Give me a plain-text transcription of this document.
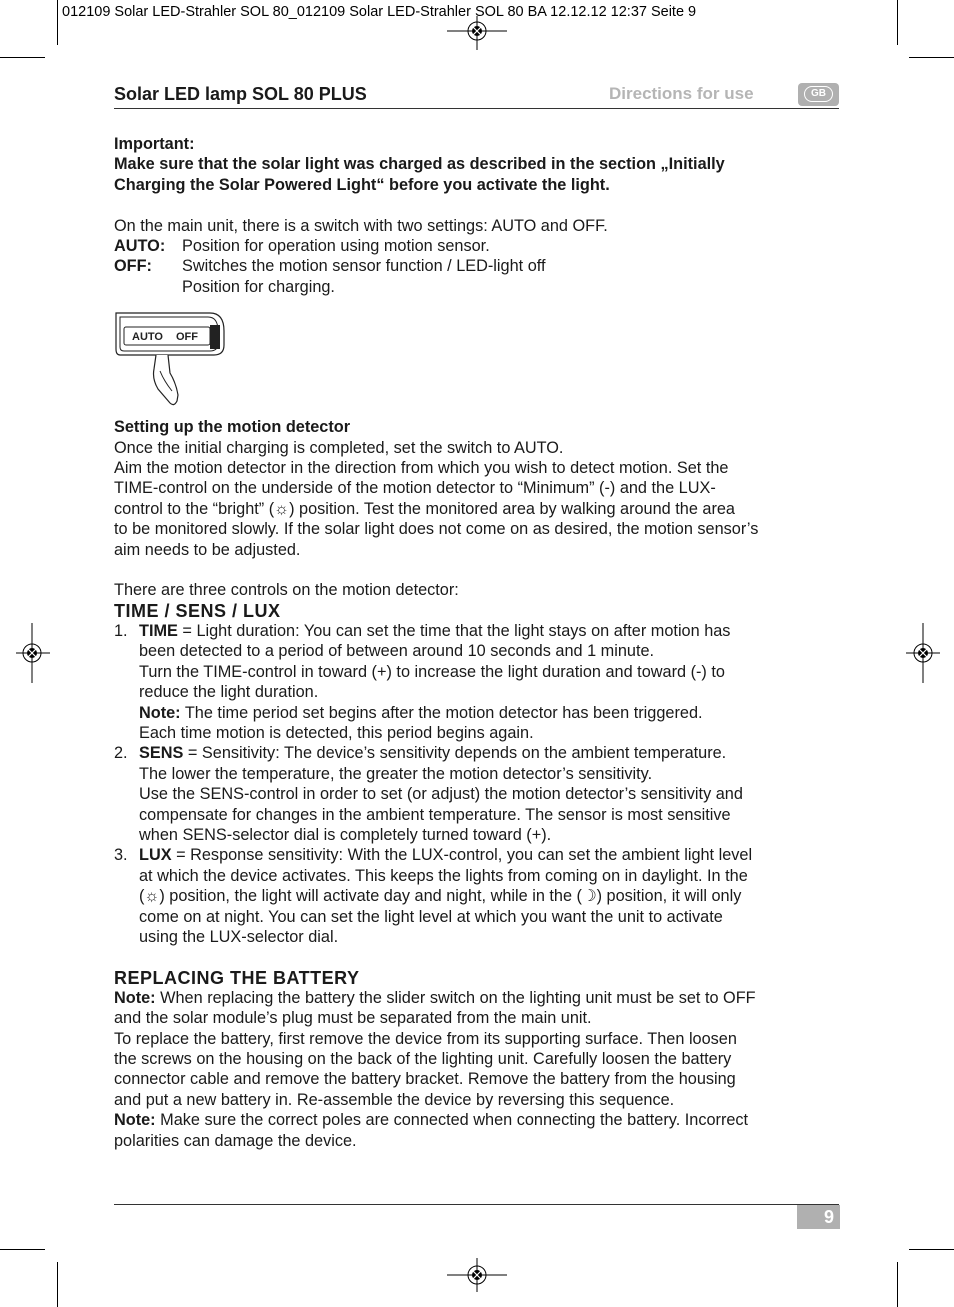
012109 Solar LED-Strahler SOL 80_012109 Solar LED-Strahler SOL 80 BA 12.12.12 12:37 Seite 9
Solar LED lamp SOL 80 PLUS	Directions for use	GB

Important:

Make sure that the solar light was charged as described in the section „Initially

Charging the Solar Powered Light“ before you activate the light.

On the main unit, there is a switch with two settings: AUTO and OFF.

AUTO:	Position for operation using motion sensor.
OFF:	Switches the motion sensor function / LED-light off
Position for charging.
AUTO OFF

Setting up the motion detector

Once the initial charging is completed, set the switch to AUTO.

Aim the motion detector in the direction from which you wish to detect motion. Set the

TIME-control on the underside of the motion detector to “Minimum” (-) and the LUX-

control to the “bright” (☼) position. Test the monitored area by walking around the area

to be monitored slowly. If the solar light does not come on as desired, the motion sensor’s

aim needs to be adjusted.

There are three controls on the motion detector:

TIME / SENS / LUX

1. TIME = Light duration: You can set the time that the light stays on after motion has

been detected to a period of between around 10 seconds and 1 minute.

Turn the TIME-control in toward (+) to increase the light duration and toward (-) to

reduce the light duration.

Note: The time period set begins after the motion detector has been triggered.

Each time motion is detected, this period begins again.

2. SENS = Sensitivity: The device’s sensitivity depends on the ambient temperature.

The lower the temperature, the greater the motion detector’s sensitivity.

Use the SENS-control in order to set (or adjust) the motion detector’s sensitivity and

compensate for changes in the ambient temperature. The sensor is most sensitive

when SENS-selector dial is completely turned toward (+).

3. LUX = Response sensitivity: With the LUX-control, you can set the ambient light level

at which the device activates. This keeps the lights from coming on in daylight. In the

(☼) position, the light will activate day and night, while in the (☽) position, it will only

come on at night. You can set the light level at which you want the unit to activate

using the LUX-selector dial.

REPLACING THE BATTERY

Note: When replacing the battery the slider switch on the lighting unit must be set to OFF

and the solar module’s plug must be separated from the main unit.

To replace the battery, first remove the device from its supporting surface. Then loosen

the screws on the housing on the back of the lighting unit. Carefully loosen the battery

connector cable and remove the battery bracket. Remove the battery from the housing

and put a new battery in. Re-assemble the device by reversing this sequence.

Note: Make sure the correct poles are connected when connecting the battery. Incorrect

polarities can damage the device.

9
